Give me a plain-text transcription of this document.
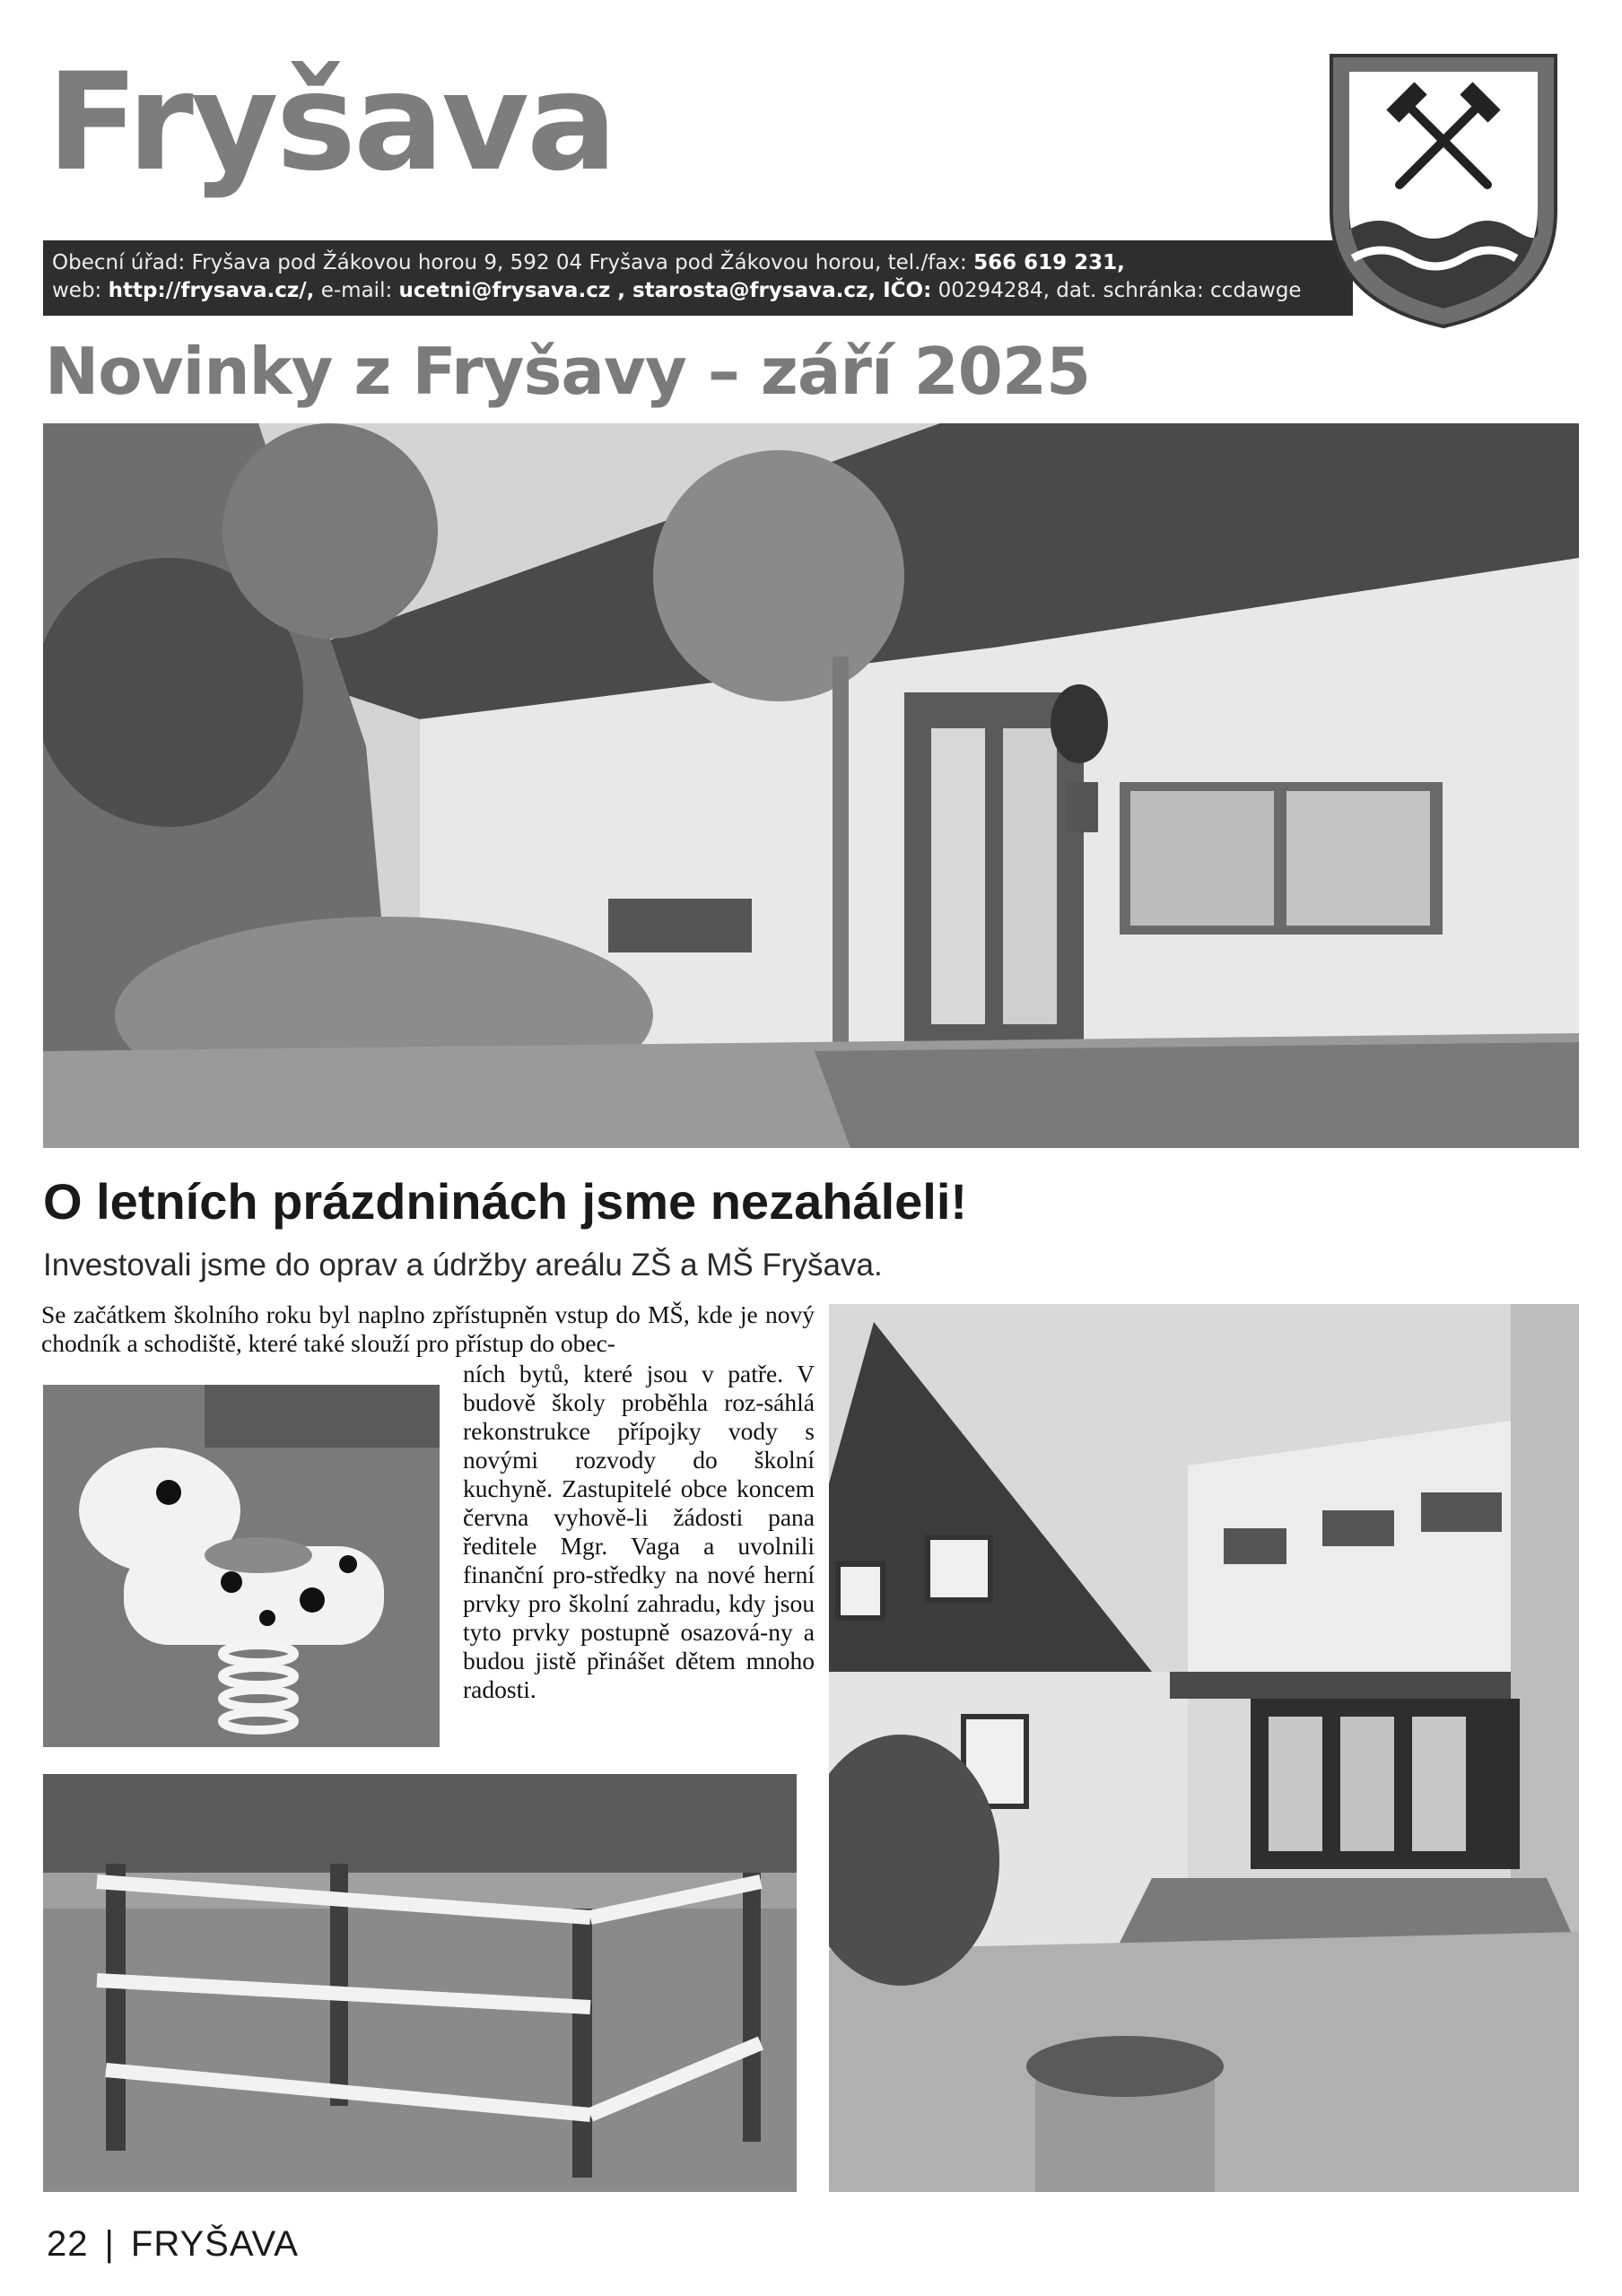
Fryšava
Obecní úřad: Fryšava pod Žákovou horou 9, 592 04 Fryšava pod Žákovou horou, tel./fax: 566 619 231,
web: http://frysava.cz/, e-mail: ucetni@frysava.cz , starosta@frysava.cz, IČO: 00294284, dat. schránka: ccdawge
Novinky z Fryšavy – září 2025
O letních prázdninách jsme nezaháleli!
Investovali jsme do oprav a údržby areálu ZŠ a MŠ Fryšava.
Se začátkem školního roku byl naplno zpřístupněn vstup do MŠ, kde je nový chodník a schodiště, které také slouží pro přístup do obec-
ních bytů, které jsou v patře. V budově školy proběhla roz-sáhlá rekonstrukce přípojky vody s novými rozvody do školní kuchyně. Zastupitelé obce koncem června vyhově-li žádosti pana ředitele Mgr. Vaga a uvolnili finanční pro-středky na nové herní prvky pro školní zahradu, kdy jsou tyto prvky postupně osazová-ny a budou jistě přinášet dětem mnoho radosti.
22 | FRYŠAVA
